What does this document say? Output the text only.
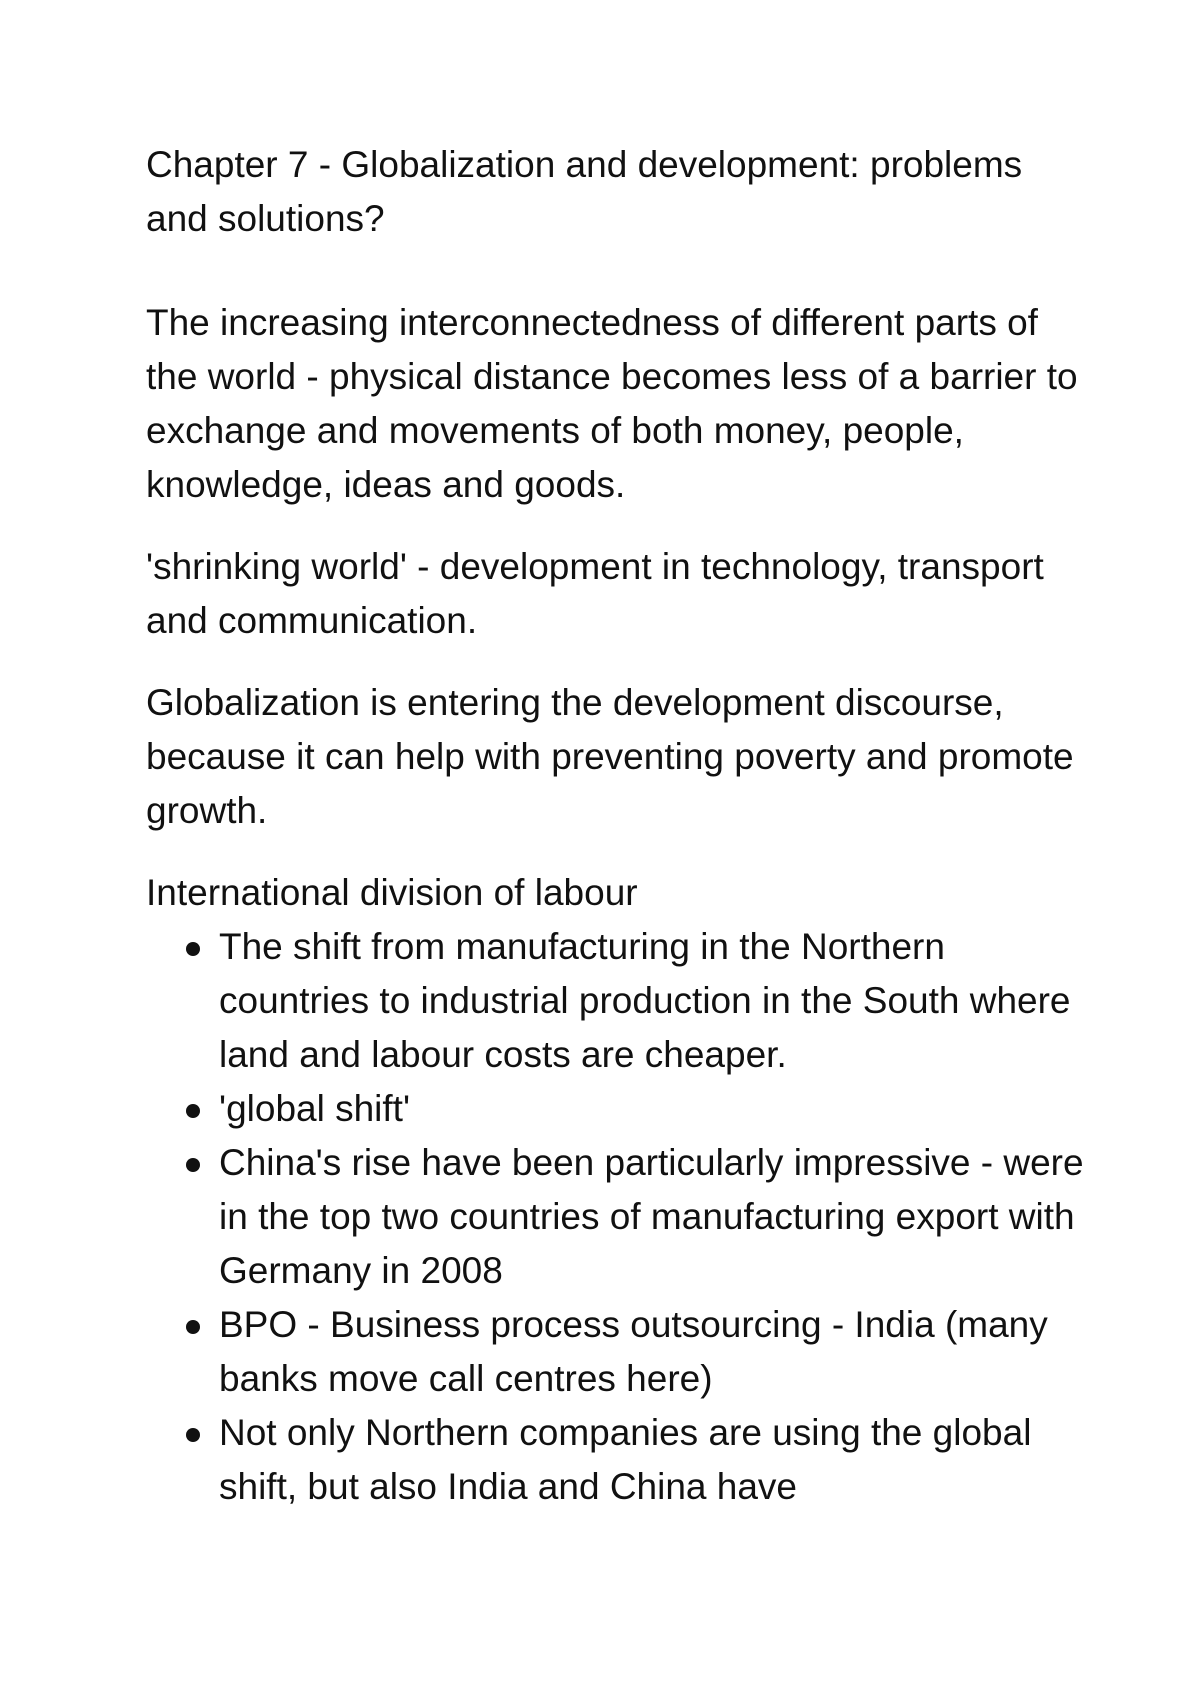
Chapter 7 - Globalization and development: problems and solutions?

The increasing interconnectedness of different parts of the world - physical distance becomes less of a barrier to exchange and movements of both money, people, knowledge, ideas and goods.

'shrinking world' - development in technology, transport and communication.

Globalization is entering the development discourse, because it can help with preventing poverty and promote growth.

International division of labour
The shift from manufacturing in the Northern countries to industrial production in the South where land and labour costs are cheaper.
'global shift'
China's rise have been particularly impressive - were in the top two countries of manufacturing export with Germany in 2008
BPO - Business process outsourcing - India (many banks move call centres here)
Not only Northern companies are using the global shift, but also India and China have
